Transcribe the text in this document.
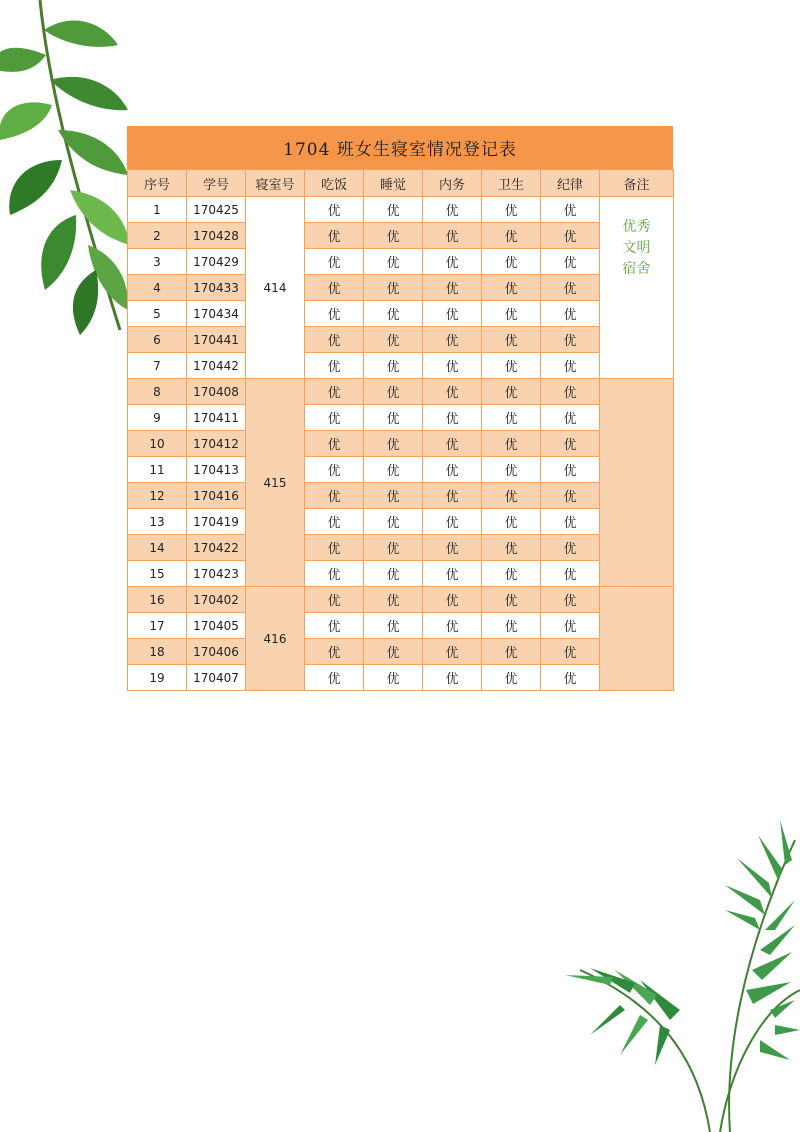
1704 班女生寝室情况登记表
序号	学号	寝室号	吃饭	睡觉	内务	卫生	纪律	备注
1	170425	414	优	优	优	优	优	优秀
文明
宿舍

2	170428		优	优	优	优	优	
3	170429		优	优	优	优	优	
4	170433		优	优	优	优	优	
5	170434		优	优	优	优	优	
6	170441		优	优	优	优	优	
7	170442		优	优	优	优	优	
8	170408	415	优	优	优	优	优	
9	170411		优	优	优	优	优	
10	170412		优	优	优	优	优	
11	170413		优	优	优	优	优	
12	170416		优	优	优	优	优	
13	170419		优	优	优	优	优	
14	170422		优	优	优	优	优	
15	170423		优	优	优	优	优	
16	170402	416	优	优	优	优	优	
17	170405		优	优	优	优	优	
18	170406		优	优	优	优	优	
19	170407		优	优	优	优	优	
